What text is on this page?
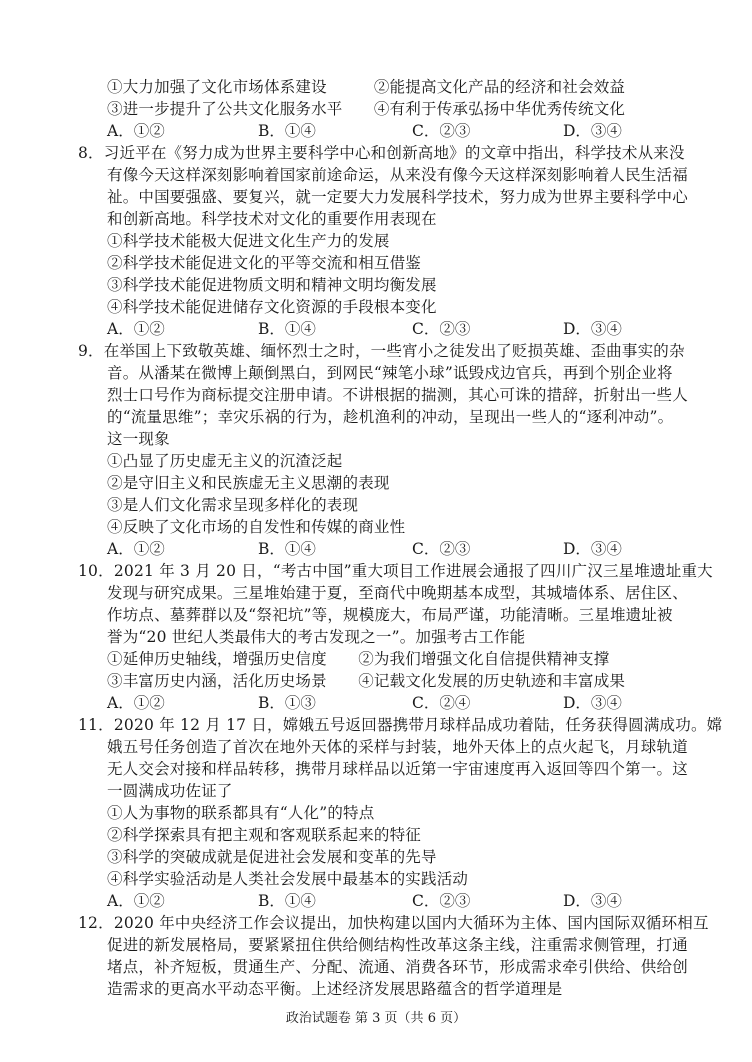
①大力加强了文化市场体系建设　　　②能提高文化产品的经济和社会效益
③进一步提升了公共文化服务水平　　④有利于传承弘扬中华优秀传统文化
A．①②	B．①④	C．②③	D．③④
8．习近平在《努力成为世界主要科学中心和创新高地》的文章中指出，科学技术从来没
有像今天这样深刻影响着国家前途命运，从来没有像今天这样深刻影响着人民生活福
祉。中国要强盛、要复兴，就一定要大力发展科学技术，努力成为世界主要科学中心
和创新高地。科学技术对文化的重要作用表现在
①科学技术能极大促进文化生产力的发展
②科学技术能促进文化的平等交流和相互借鉴
③科学技术能促进物质文明和精神文明均衡发展
④科学技术能促进储存文化资源的手段根本变化
A．①②	B．①④	C．②③	D．③④
9．在举国上下致敬英雄、缅怀烈士之时，一些宵小之徒发出了贬损英雄、歪曲事实的杂
音。从潘某在微博上颠倒黑白，到网民“辣笔小球”诋毁戍边官兵，再到个别企业将
烈士口号作为商标提交注册申请。不讲根据的揣测，其心可诛的措辞，折射出一些人
的“流量思维”；幸灾乐祸的行为，趁机渔利的冲动，呈现出一些人的“逐利冲动”。
这一现象
①凸显了历史虚无主义的沉渣泛起
②是守旧主义和民族虚无主义思潮的表现
③是人们文化需求呈现多样化的表现
④反映了文化市场的自发性和传媒的商业性
A．①②	B．①④	C．②③	D．③④
10．2021 年 3 月 20 日，“考古中国”重大项目工作进展会通报了四川广汉三星堆遗址重大
发现与研究成果。三星堆始建于夏，至商代中晚期基本成型，其城墙体系、居住区、
作坊点、墓葬群以及“祭祀坑”等，规模庞大，布局严谨，功能清晰。三星堆遗址被
誉为“20 世纪人类最伟大的考古发现之一”。加强考古工作能
①延伸历史轴线，增强历史信度　　②为我们增强文化自信提供精神支撑
③丰富历史内涵，活化历史场景　　④记载文化发展的历史轨迹和丰富成果
A．①②	B．①③	C．②④	D．③④
11．2020 年 12 月 17 日，嫦娥五号返回器携带月球样品成功着陆，任务获得圆满成功。嫦
娥五号任务创造了首次在地外天体的采样与封装，地外天体上的点火起飞，月球轨道
无人交会对接和样品转移，携带月球样品以近第一宇宙速度再入返回等四个第一。这
一圆满成功佐证了
①人为事物的联系都具有“人化”的特点
②科学探索具有把主观和客观联系起来的特征
③科学的突破成就是促进社会发展和变革的先导
④科学实验活动是人类社会发展中最基本的实践活动
A．①②	B．①④	C．②③	D．③④
12．2020 年中央经济工作会议提出，加快构建以国内大循环为主体、国内国际双循环相互
促进的新发展格局，要紧紧扭住供给侧结构性改革这条主线，注重需求侧管理，打通
堵点，补齐短板，贯通生产、分配、流通、消费各环节，形成需求牵引供给、供给创
造需求的更高水平动态平衡。上述经济发展思路蕴含的哲学道理是
政治试题卷 第 3 页（共 6 页）
